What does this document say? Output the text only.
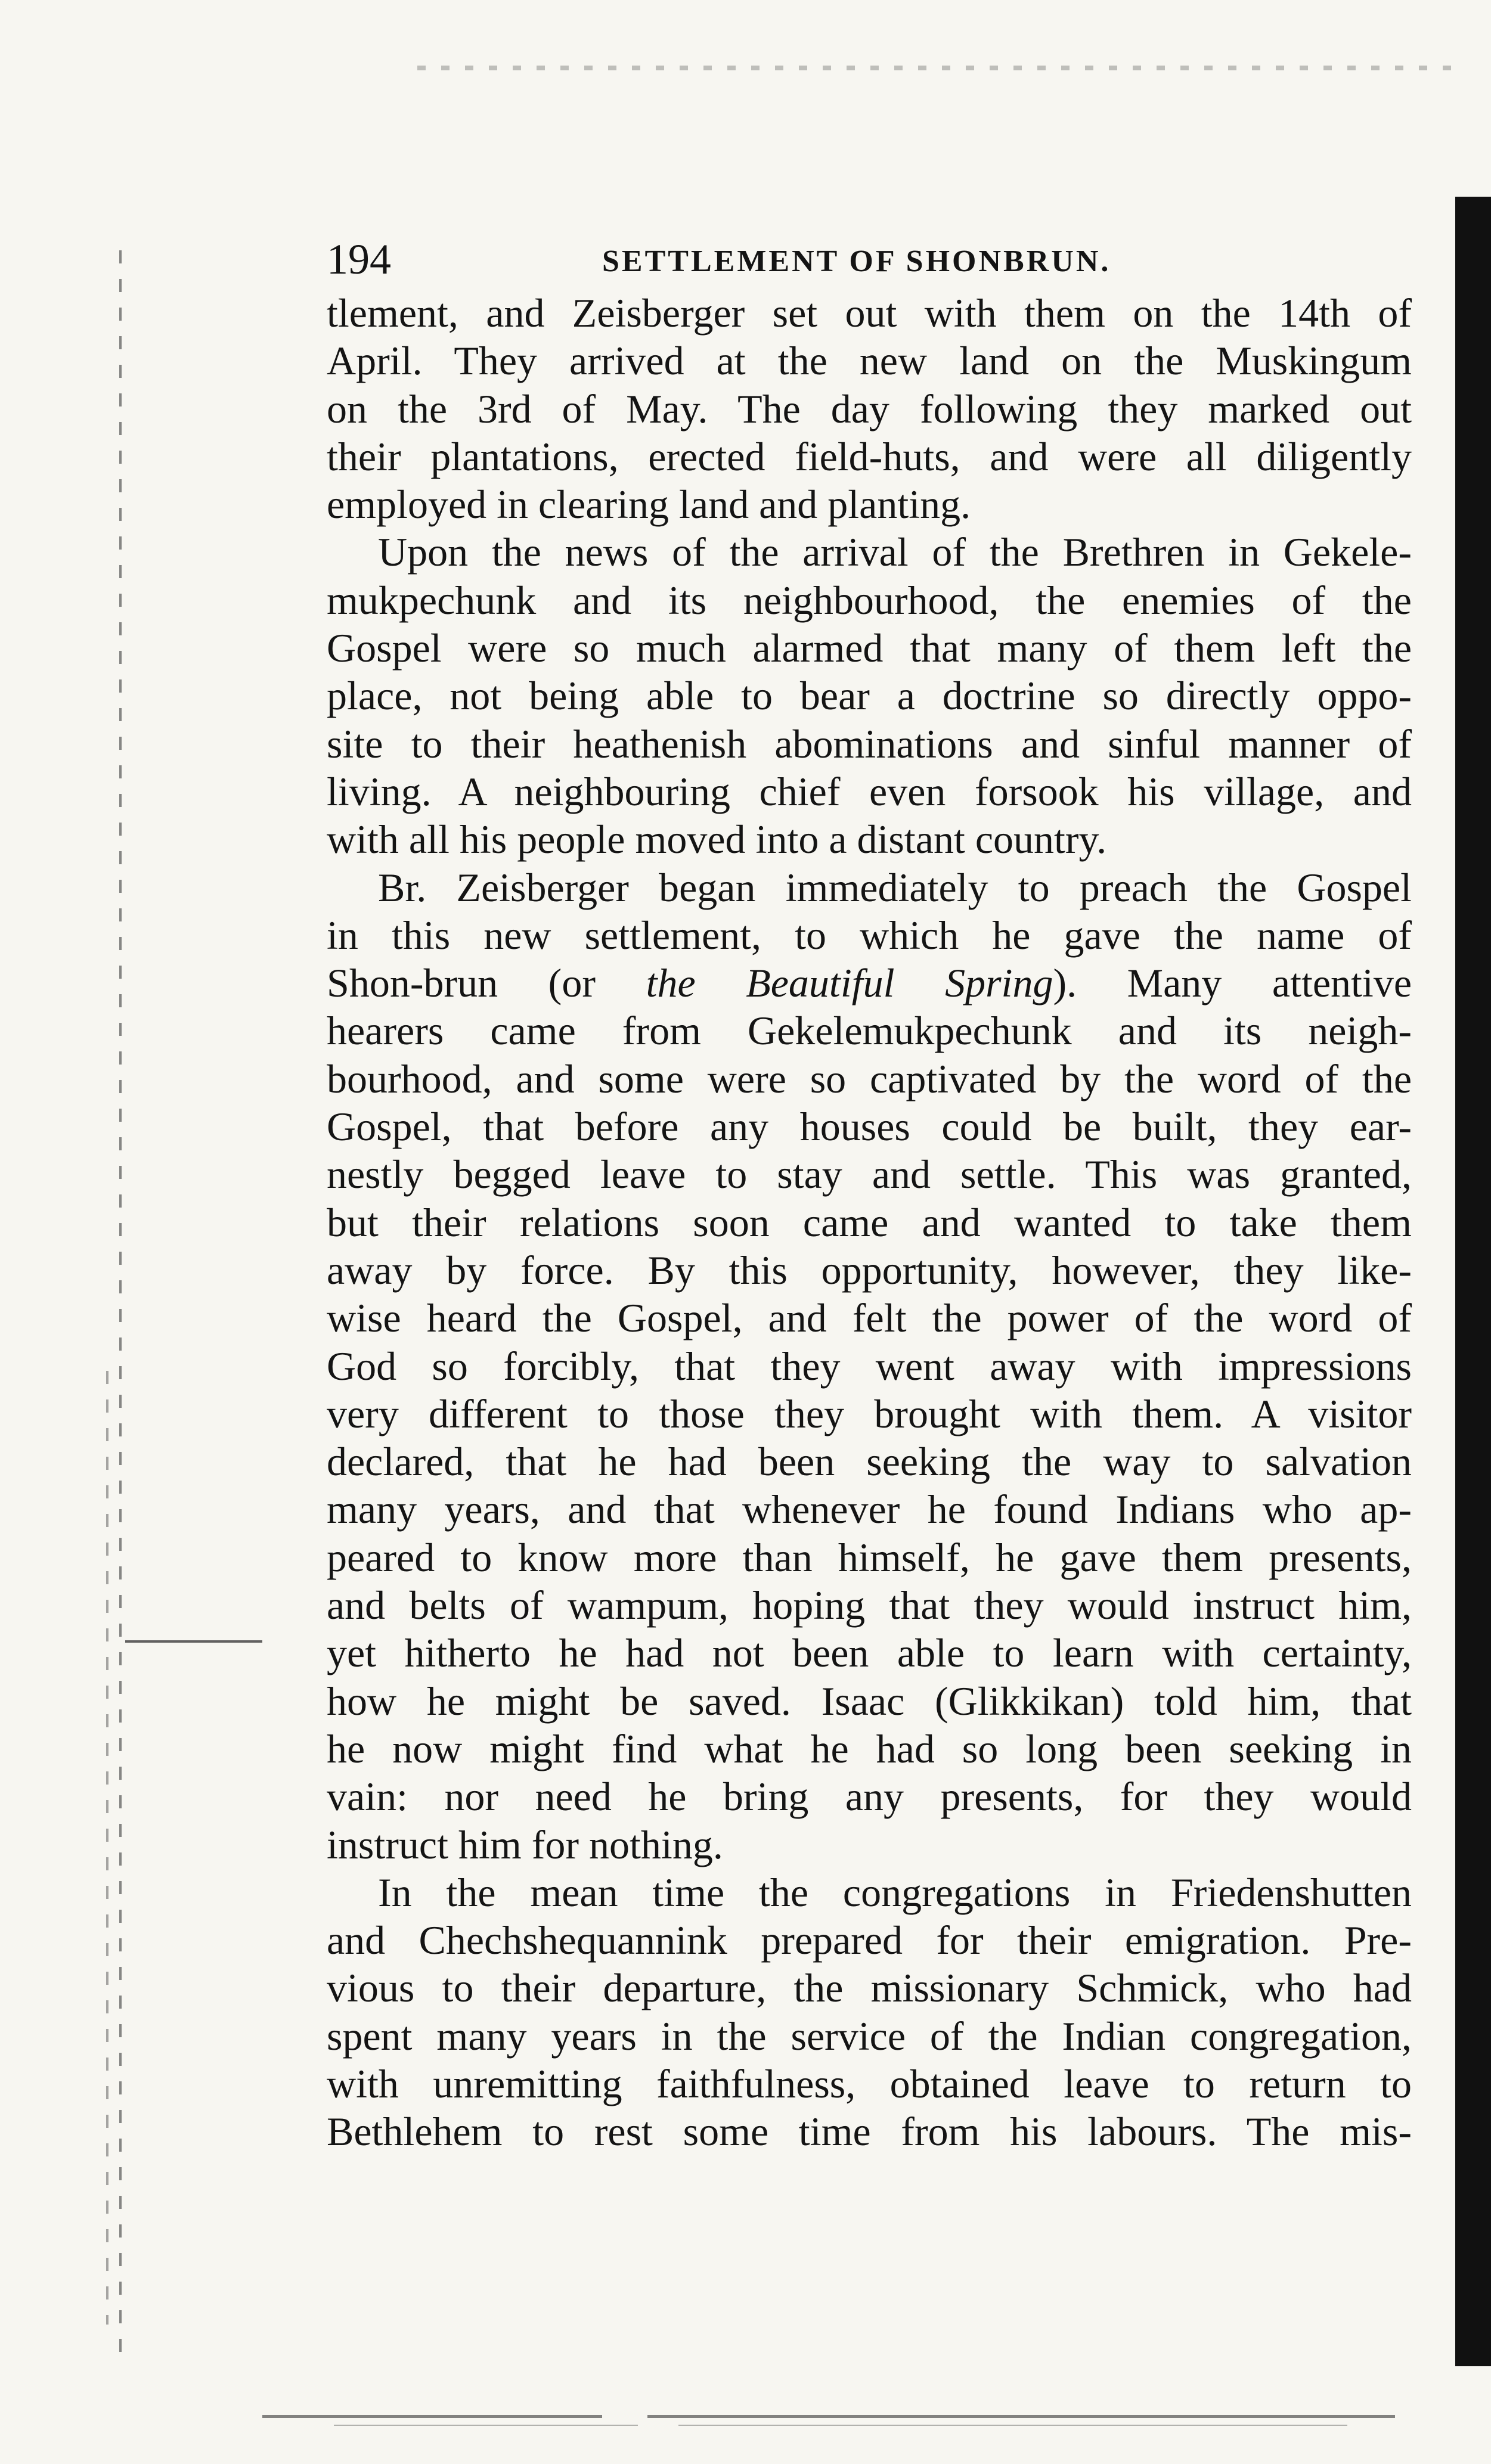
194	SETTLEMENT OF SHONBRUN.
tlement, and Zeisberger set out with them on the 14th of
April. They arrived at the new land on the Muskingum
on the 3rd of May. The day following they marked out
their plantations, erected field-huts, and were all diligently
employed in clearing land and planting.
Upon the news of the arrival of the Brethren in Gekele-
mukpechunk and its neighbourhood, the enemies of the
Gospel were so much alarmed that many of them left the
place, not being able to bear a doctrine so directly oppo-
site to their heathenish abominations and sinful manner of
living. A neighbouring chief even forsook his village, and
with all his people moved into a distant country.
Br. Zeisberger began immediately to preach the Gospel
in this new settlement, to which he gave the name of
Shon-brun (or the Beautiful Spring). Many attentive
hearers came from Gekelemukpechunk and its neigh-
bourhood, and some were so captivated by the word of the
Gospel, that before any houses could be built, they ear-
nestly begged leave to stay and settle. This was granted,
but their relations soon came and wanted to take them
away by force. By this opportunity, however, they like-
wise heard the Gospel, and felt the power of the word of
God so forcibly, that they went away with impressions
very different to those they brought with them. A visitor
declared, that he had been seeking the way to salvation
many years, and that whenever he found Indians who ap-
peared to know more than himself, he gave them presents,
and belts of wampum, hoping that they would instruct him,
yet hitherto he had not been able to learn with certainty,
how he might be saved. Isaac (Glikkikan) told him, that
he now might find what he had so long been seeking in
vain: nor need he bring any presents, for they would
instruct him for nothing.
In the mean time the congregations in Friedenshutten
and Chechshequannink prepared for their emigration. Pre-
vious to their departure, the missionary Schmick, who had
spent many years in the service of the Indian congregation,
with unremitting faithfulness, obtained leave to return to
Bethlehem to rest some time from his labours. The mis-
